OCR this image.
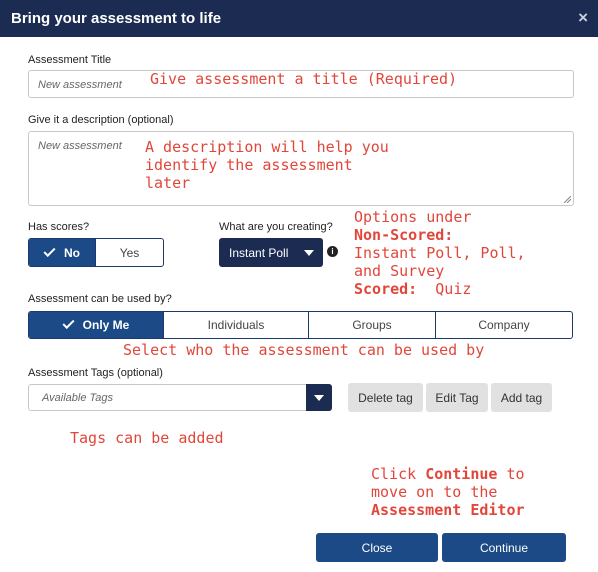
Bring your assessment to life	×
Assessment Title
New assessment Give assessment a title (Required)
Give it a description (optional)
New assessment A description will help you
identify the assessment
later
Has scores?
No	Yes
What are you creating?
Instant Poll	i
Options under
Non-Scored:
Instant Poll, Poll,
and Survey
Scored:  Quiz
Assessment can be used by?
Only Me	Individuals	Groups	Company
Select who the assessment can be used by
Assessment Tags (optional)
Available Tags	Delete tag	Edit Tag	Add tag
Tags can be added
Click Continue to
move on to the
Assessment Editor
Close	Continue
